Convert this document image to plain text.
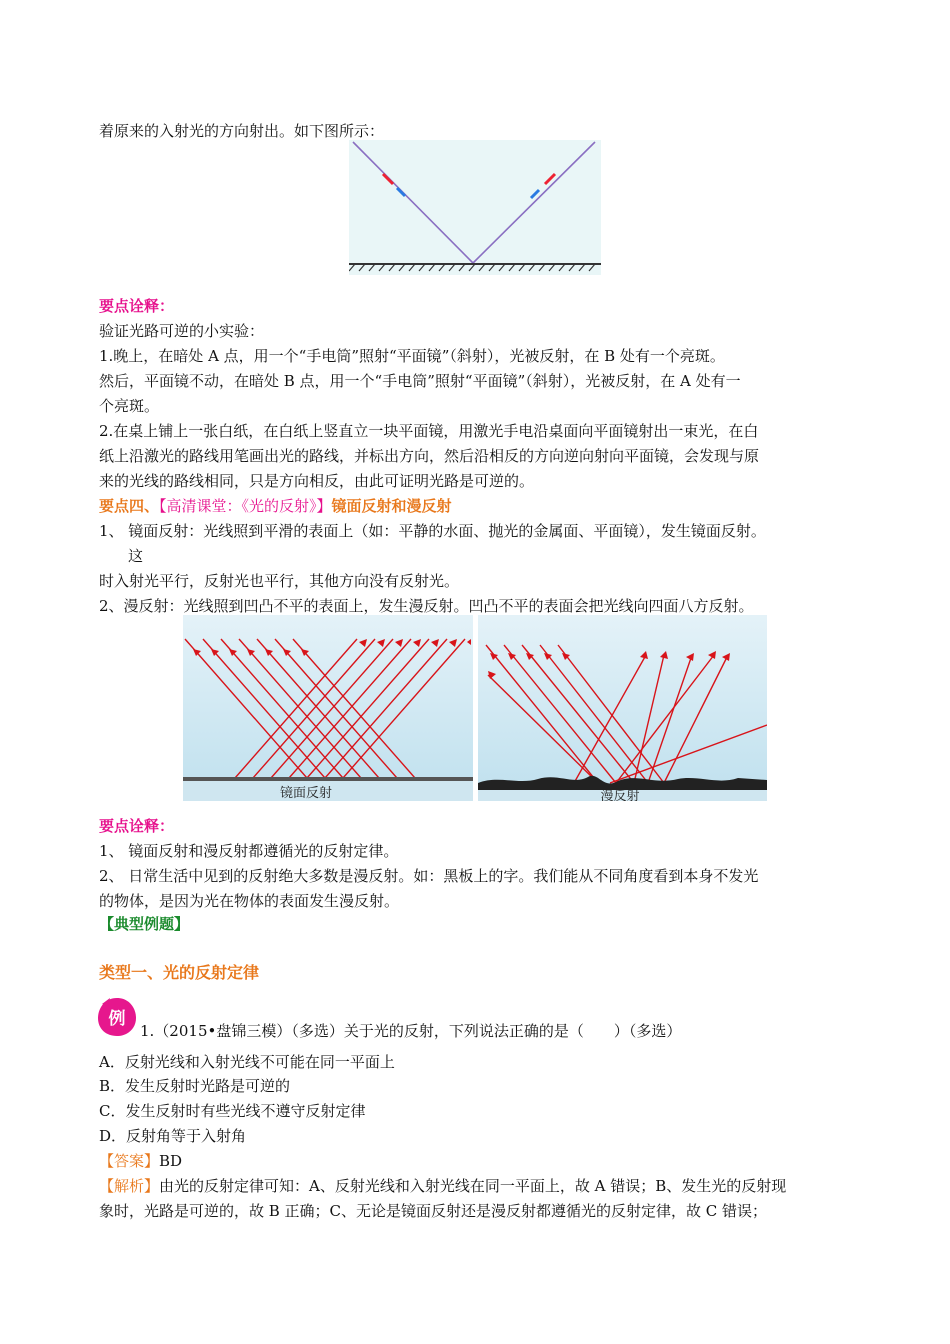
着原来的入射光的方向射出。如下图所示：
要点诠释：
验证光路可逆的小实验：
1.晚上，在暗处 A 点，用一个“手电筒”照射“平面镜”（斜射），光被反射，在 B 处有一个亮斑。
然后，平面镜不动，在暗处 B 点，用一个“手电筒”照射“平面镜”（斜射），光被反射，在 A 处有一
个亮斑。
2.在桌上铺上一张白纸，在白纸上竖直立一块平面镜，用激光手电沿桌面向平面镜射出一束光，在白
纸上沿激光的路线用笔画出光的路线，并标出方向，然后沿相反的方向逆向射向平面镜，会发现与原
来的光线的路线相同，只是方向相反，由此可证明光路是可逆的。
要点四、【高清课堂：《光的反射》】镜面反射和漫反射
1、 镜面反射：光线照到平滑的表面上（如：平静的水面、抛光的金属面、平面镜），发生镜面反射。
这
时入射光平行，反射光也平行，其他方向没有反射光。
2、漫反射：光线照到凹凸不平的表面上，发生漫反射。凹凸不平的表面会把光线向四面八方反射。
镜面反射	漫反射
要点诠释：
1、 镜面反射和漫反射都遵循光的反射定律。
2、 日常生活中见到的反射绝大多数是漫反射。如：黑板上的字。我们能从不同角度看到本身不发光
的物体，是因为光在物体的表面发生漫反射。
【典型例题】
类型一、光的反射定律
例
1.（2015•盘锦三模）（多选）关于光的反射，下列说法正确的是（　　）（多选）
A．反射光线和入射光线不可能在同一平面上
B．发生反射时光路是可逆的
C．发生反射时有些光线不遵守反射定律
D．反射角等于入射角
【答案】BD
【解析】由光的反射定律可知：A、反射光线和入射光线在同一平面上，故 A 错误；B、发生光的反射现
象时，光路是可逆的，故 B 正确；C、无论是镜面反射还是漫反射都遵循光的反射定律，故 C 错误；
